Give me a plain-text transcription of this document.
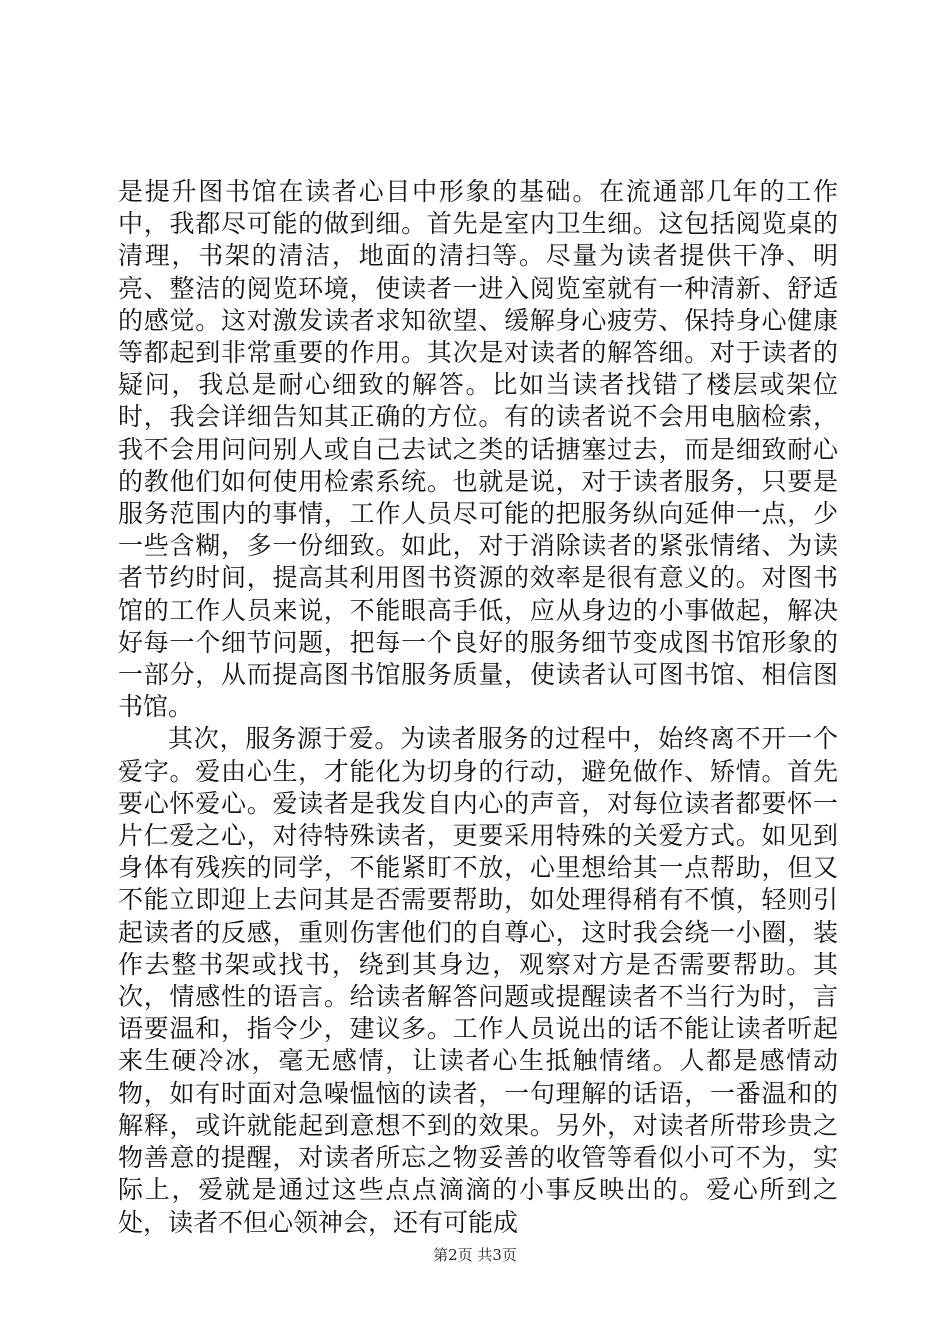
是提升图书馆在读者心目中形象的基础。在流通部几年的工作中，我都尽可能的做到细。首先是室内卫生细。这包括阅览桌的清理，书架的清洁，地面的清扫等。尽量为读者提供干净、明亮、整洁的阅览环境，使读者一进入阅览室就有一种清新、舒适的感觉。这对激发读者求知欲望、缓解身心疲劳、保持身心健康等都起到非常重要的作用。其次是对读者的解答细。对于读者的疑问，我总是耐心细致的解答。比如当读者找错了楼层或架位时，我会详细告知其正确的方位。有的读者说不会用电脑检索，我不会用问问别人或自己去试之类的话搪塞过去，而是细致耐心的教他们如何使用检索系统。也就是说，对于读者服务，只要是服务范围内的事情，工作人员尽可能的把服务纵向延伸一点，少一些含糊，多一份细致。如此，对于消除读者的紧张情绪、为读者节约时间，提高其利用图书资源的效率是很有意义的。对图书馆的工作人员来说，不能眼高手低，应从身边的小事做起，解决好每一个细节问题，把每一个良好的服务细节变成图书馆形象的一部分，从而提高图书馆服务质量，使读者认可图书馆、相信图书馆。

其次，服务源于爱。为读者服务的过程中，始终离不开一个爱字。爱由心生，才能化为切身的行动，避免做作、矫情。首先要心怀爱心。爱读者是我发自内心的声音，对每位读者都要怀一片仁爱之心，对待特殊读者，更要采用特殊的关爱方式。如见到身体有残疾的同学，不能紧盯不放，心里想给其一点帮助，但又不能立即迎上去问其是否需要帮助，如处理得稍有不慎，轻则引起读者的反感，重则伤害他们的自尊心，这时我会绕一小圈，装作去整书架或找书，绕到其身边，观察对方是否需要帮助。其次，情感性的语言。给读者解答问题或提醒读者不当行为时，言语要温和，指令少，建议多。工作人员说出的话不能让读者听起来生硬冷冰，毫无感情，让读者心生抵触情绪。人都是感情动物，如有时面对急噪愠恼的读者，一句理解的话语，一番温和的解释，或许就能起到意想不到的效果。另外，对读者所带珍贵之物善意的提醒，对读者所忘之物妥善的收管等看似小可不为，实际上，爱就是通过这些点点滴滴的小事反映出的。爱心所到之处，读者不但心领神会，还有可能成

第2页 共3页
